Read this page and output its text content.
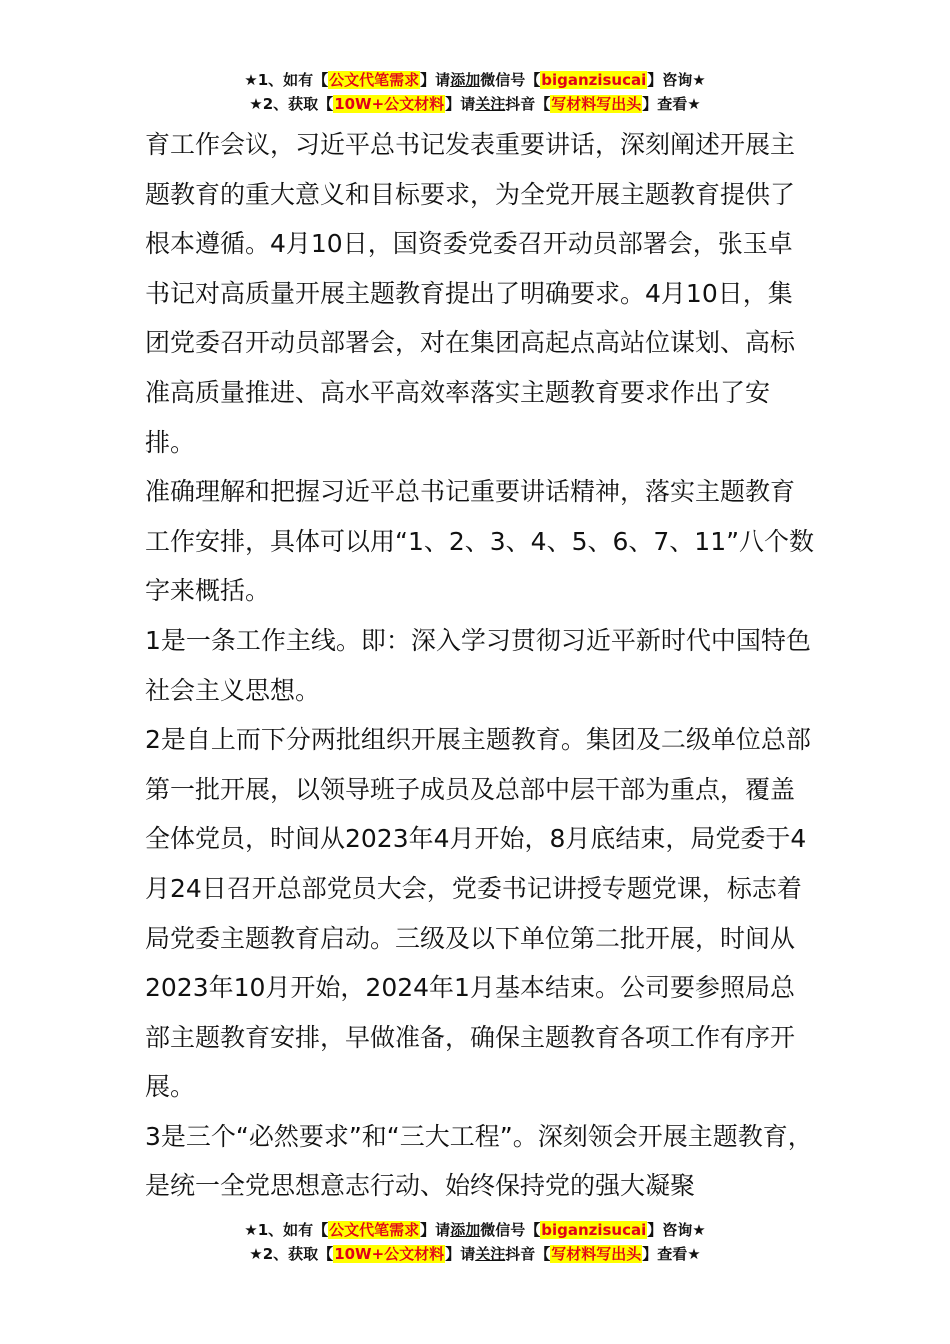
★1、如有【公文代笔需求】请添加微信号【biganzisucai】咨询★
★2、获取【10W+公文材料】请关注抖音【写材料写出头】查看★

育工作会议，习近平总书记发表重要讲话，深刻阐述开展主题教育的重大意义和目标要求，为全党开展主题教育提供了根本遵循。4月10日，国资委党委召开动员部署会，张玉卓书记对高质量开展主题教育提出了明确要求。4月10日，集团党委召开动员部署会，对在集团高起点高站位谋划、高标准高质量推进、高水平高效率落实主题教育要求作出了安排。

准确理解和把握习近平总书记重要讲话精神，落实主题教育工作安排，具体可以用“1、2、3、4、5、6、7、11”八个数字来概括。

1是一条工作主线。即：深入学习贯彻习近平新时代中国特色社会主义思想。

2是自上而下分两批组织开展主题教育。集团及二级单位总部第一批开展，以领导班子成员及总部中层干部为重点，覆盖全体党员，时间从2023年4月开始，8月底结束，局党委于4月24日召开总部党员大会，党委书记讲授专题党课，标志着局党委主题教育启动。三级及以下单位第二批开展，时间从2023年10月开始，2024年1月基本结束。公司要参照局总部主题教育安排，早做准备，确保主题教育各项工作有序开展。

3是三个“必然要求”和“三大工程”。深刻领会开展主题教育，是统一全党思想意志行动、始终保持党的强大凝聚

★1、如有【公文代笔需求】请添加微信号【biganzisucai】咨询★
★2、获取【10W+公文材料】请关注抖音【写材料写出头】查看★
